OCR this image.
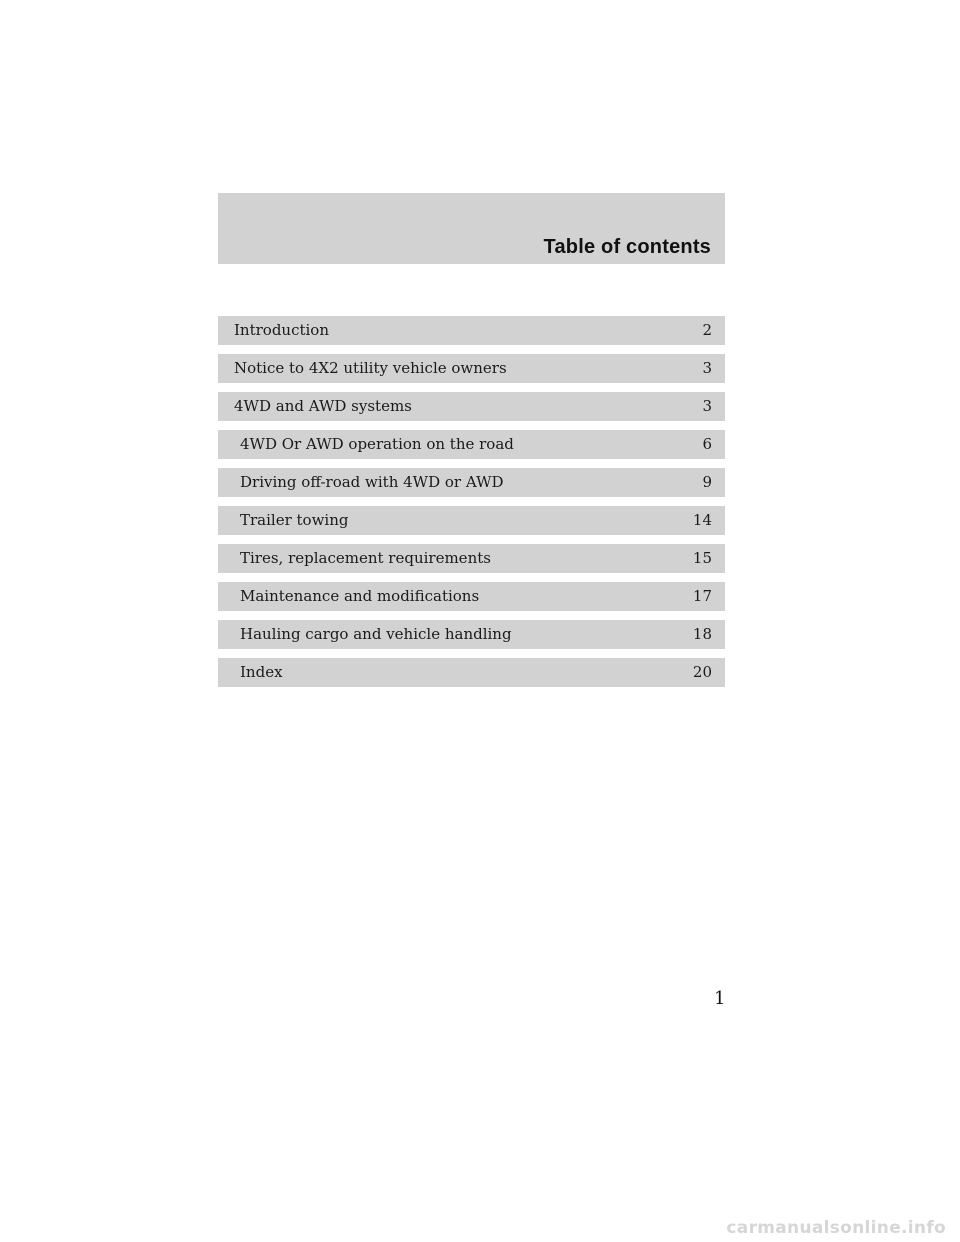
Table of contents
Introduction	2
Notice to 4X2 utility vehicle owners	3
4WD and AWD systems	3
4WD Or AWD operation on the road	6
Driving off-road with 4WD or AWD	9
Trailer towing	14
Tires, replacement requirements	15
Maintenance and modifications	17
Hauling cargo and vehicle handling	18
Index	20
1
carmanualsonline.info
